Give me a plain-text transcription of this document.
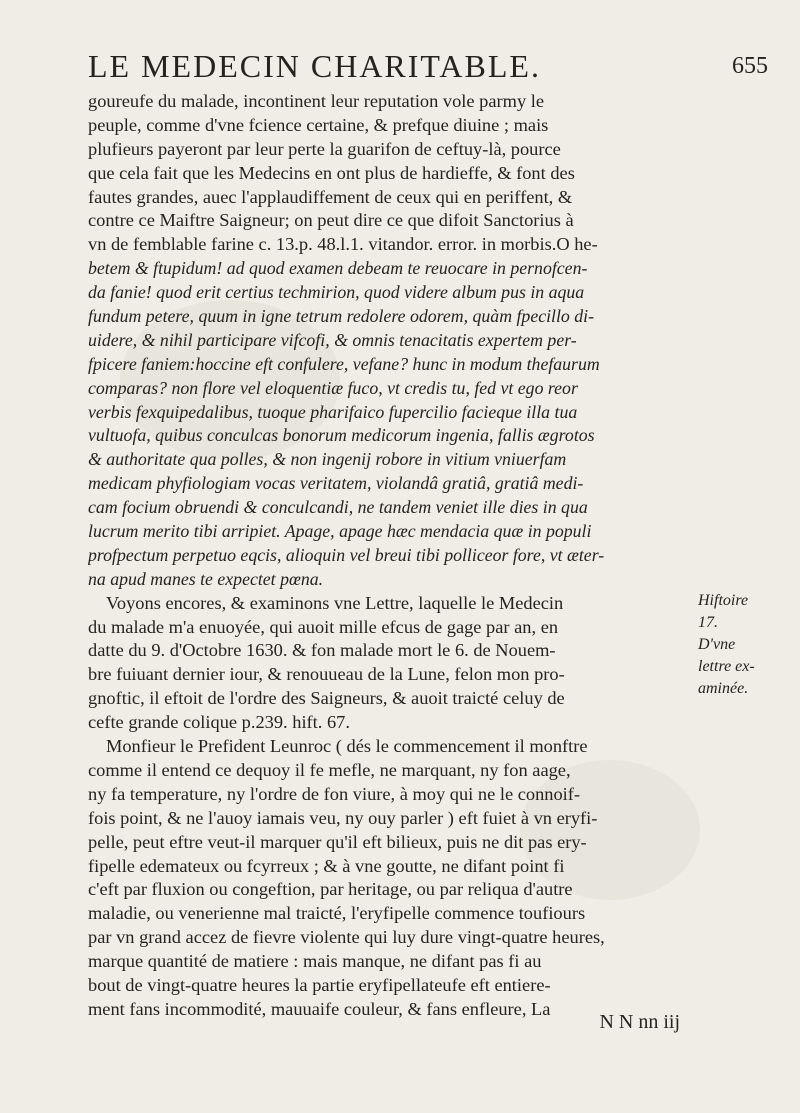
LE MEDECIN CHARITABLE.	655
goureufe du malade, incontinent leur reputation vole parmy le
peuple, comme d'vne fcience certaine, & prefque diuine ; mais
plufieurs payeront par leur perte la guarifon de ceftuy-là, pource
que cela fait que les Medecins en ont plus de hardieffe, & font des
fautes grandes, auec l'applaudiffement de ceux qui en periffent, &
contre ce Maiftre Saigneur; on peut dire ce que difoit Sanctorius à
vn de femblable farine c. 13.p. 48.l.1. vitandor. error. in morbis.O he-
betem & ftupidum! ad quod examen debeam te reuocare in pernofcen-
da fanie! quod erit certius techmirion, quod videre album pus in aqua
fundum petere, quum in igne tetrum redolere odorem, quàm fpecillo di-
uidere, & nihil participare vifcofi, & omnis tenacitatis expertem per-
fpicere faniem:hoccine eft confulere, vefane? hunc in modum thefaurum
comparas? non flore vel eloquentiæ fuco, vt credis tu, fed vt ego reor
verbis fexquipedalibus, tuoque pharifaico fupercilio facieque illa tua
vultuofa, quibus conculcas bonorum medicorum ingenia, fallis ægrotos
& authoritate qua polles, & non ingenij robore in vitium vniuerfam
medicam phyfiologiam vocas veritatem, violandâ gratiâ, gratiâ medi-
cam focium obruendi & conculcandi, ne tandem veniet ille dies in qua
lucrum merito tibi arripiet. Apage, apage hæc mendacia quæ in populi
profpectum perpetuo eqcis, alioquin vel breui tibi polliceor fore, vt æter-
na apud manes te expectet pœna.
Voyons encores, & examinons vne Lettre, laquelle le Medecin
du malade m'a enuoyée, qui auoit mille efcus de gage par an, en
datte du 9. d'Octobre 1630. & fon malade mort le 6. de Nouem-
bre fuiuant dernier iour, & renouueau de la Lune, felon mon pro-
gnoftic, il eftoit de l'ordre des Saigneurs, & auoit traicté celuy de
cefte grande colique p.239. hift. 67.
Monfieur le Prefident Leunroc ( dés le commencement il monftre
comme il entend ce dequoy il fe mefle, ne marquant, ny fon aage,
ny fa temperature, ny l'ordre de fon viure, à moy qui ne le connoif-
fois point, & ne l'auoy iamais veu, ny ouy parler ) eft fuiet à vn eryfi-
pelle, peut eftre veut-il marquer qu'il eft bilieux, puis ne dit pas ery-
fipelle edemateux ou fcyrreux ; & à vne goutte, ne difant point fi
c'eft par fluxion ou congeftion, par heritage, ou par reliqua d'autre
maladie, ou venerienne mal traicté, l'eryfipelle commence toufiours
par vn grand accez de fievre violente qui luy dure vingt-quatre heures,
marque quantité de matiere : mais manque, ne difant pas fi au
bout de vingt-quatre heures la partie eryfipellateufe eft entiere-
ment fans incommodité, mauuaife couleur, & fans enfleure, La
Hiftoire
17.
D'vne
lettre ex-
aminée.
N N nn iij
